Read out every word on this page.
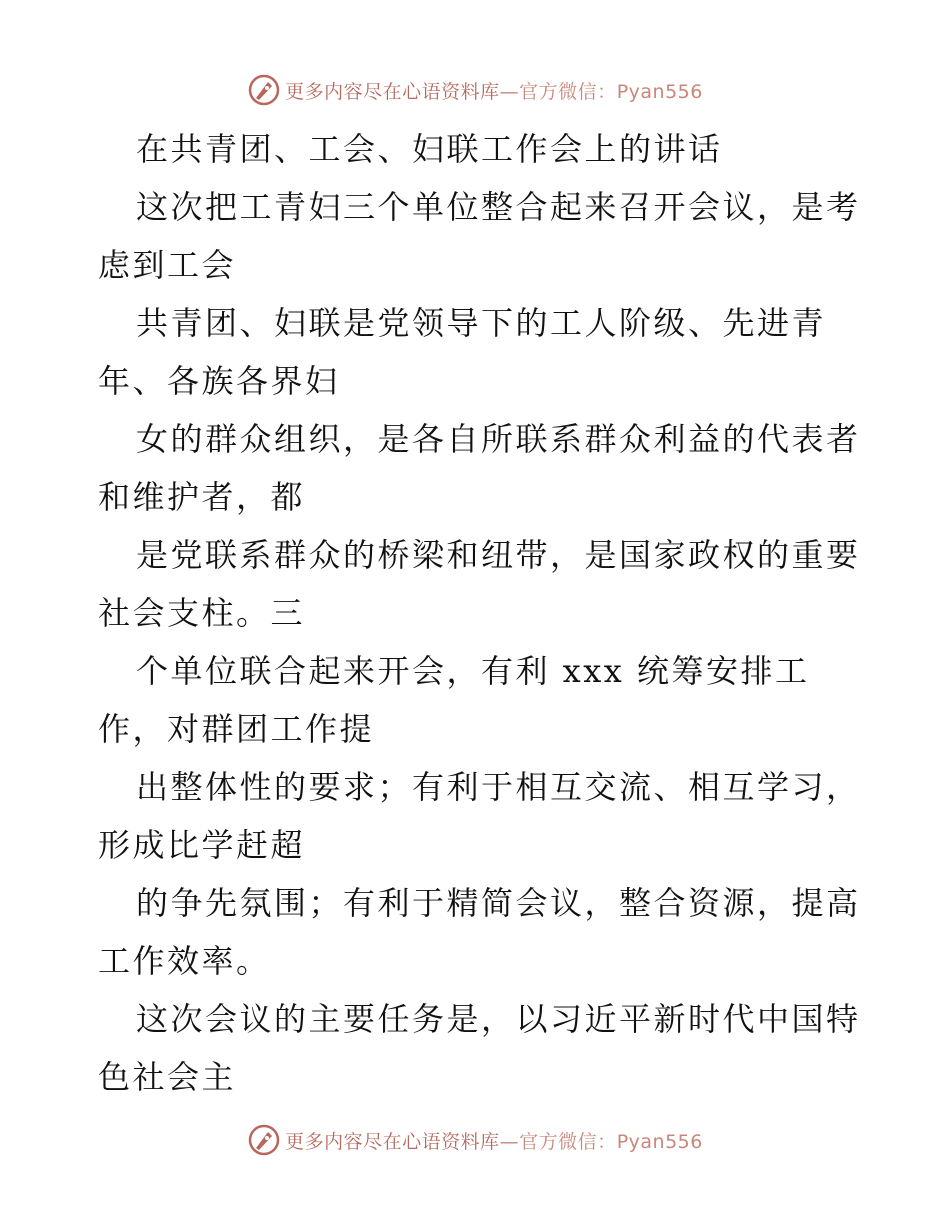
更多内容尽在心语资料库—官方微信：Pyan556
在共青团、工会、妇联工作会上的讲话
这次把工青妇三个单位整合起来召开会议，是考
虑到工会
共青团、妇联是党领导下的工人阶级、先进青
年、各族各界妇
女的群众组织，是各自所联系群众利益的代表者
和维护者，都
是党联系群众的桥梁和纽带，是国家政权的重要
社会支柱。三
个单位联合起来开会，有利 xxx 统筹安排工
作，对群团工作提
出整体性的要求；有利于相互交流、相互学习，
形成比学赶超
的争先氛围；有利于精简会议，整合资源，提高
工作效率。
这次会议的主要任务是，以习近平新时代中国特
色社会主
更多内容尽在心语资料库—官方微信：Pyan556
